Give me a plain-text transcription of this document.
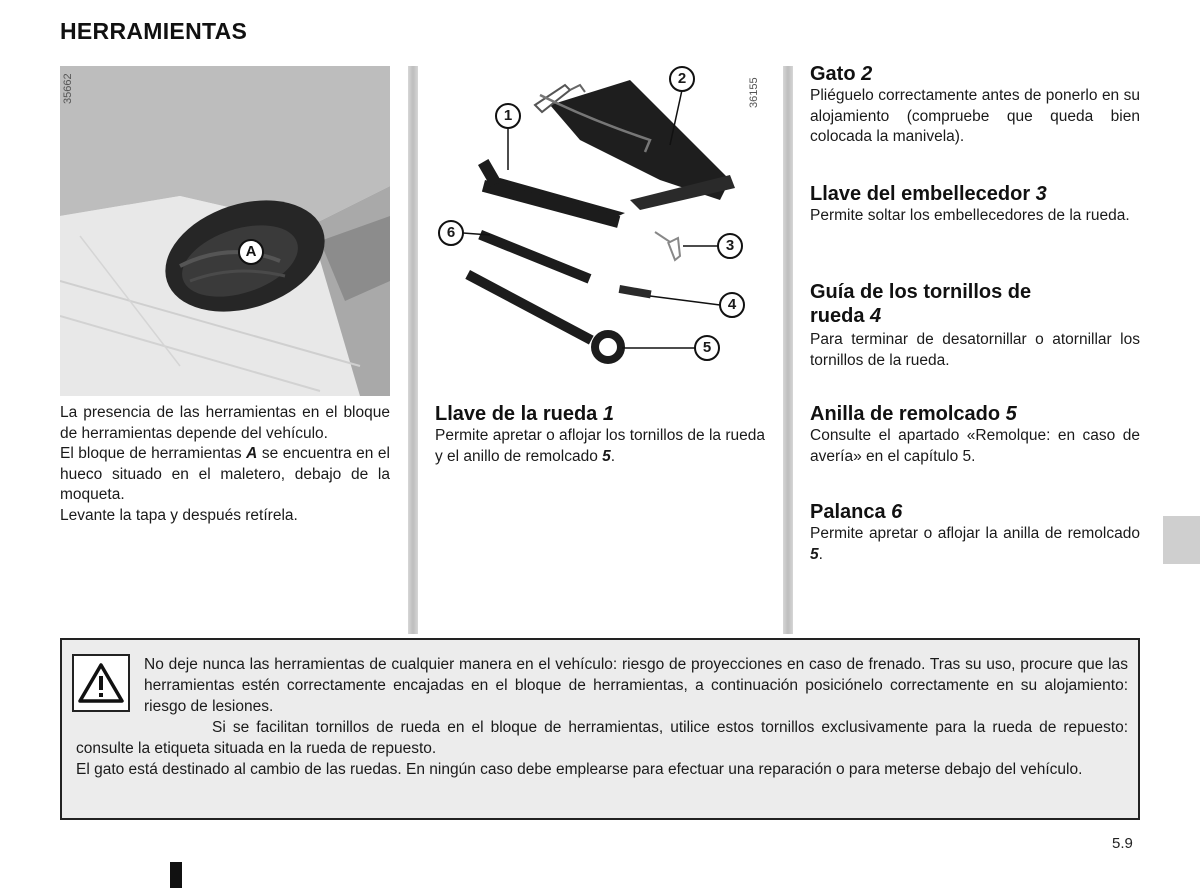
HERRAMIENTAS
A
35662

La presencia de las herramientas en el bloque de herramientas depende del vehículo.

El bloque de herramientas A se encuentra en el hueco situado en el maletero, debajo de la moqueta.

Levante la tapa y después retírela.

1
2
3
4
5
6
36155

Llave de la rueda 1

Permite apretar o aflojar los tornillos de la rueda y el anillo de remolcado 5.

Gato 2

Pliéguelo correctamente antes de ponerlo en su alojamiento (compruebe que queda bien colocada la manivela).

Llave del embellecedor 3

Permite soltar los embellecedores de la rueda.

Guía de los tornillos de rueda 4

Para terminar de desatornillar o atornillar los tornillos de la rueda.

Anilla de remolcado 5

Consulte el apartado «Remolque: en caso de avería» en el capítulo 5.

Palanca 6

Permite apretar o aflojar la anilla de remolcado 5.

No deje nunca las herramientas de cualquier manera en el vehículo: riesgo de proyecciones en caso de frenado. Tras su uso, procure que las herramientas estén correctamente encajadas en el bloque de herramientas, a continuación posiciónelo correctamente en su alojamiento: riesgo de lesiones.

Si se facilitan tornillos de rueda en el bloque de herramientas, utilice estos tornillos exclusivamente para la rueda de repuesto: consulte la etiqueta situada en la rueda de repuesto.

El gato está destinado al cambio de las ruedas. En ningún caso debe emplearse para efectuar una reparación o para meterse debajo del vehículo.

5.9
